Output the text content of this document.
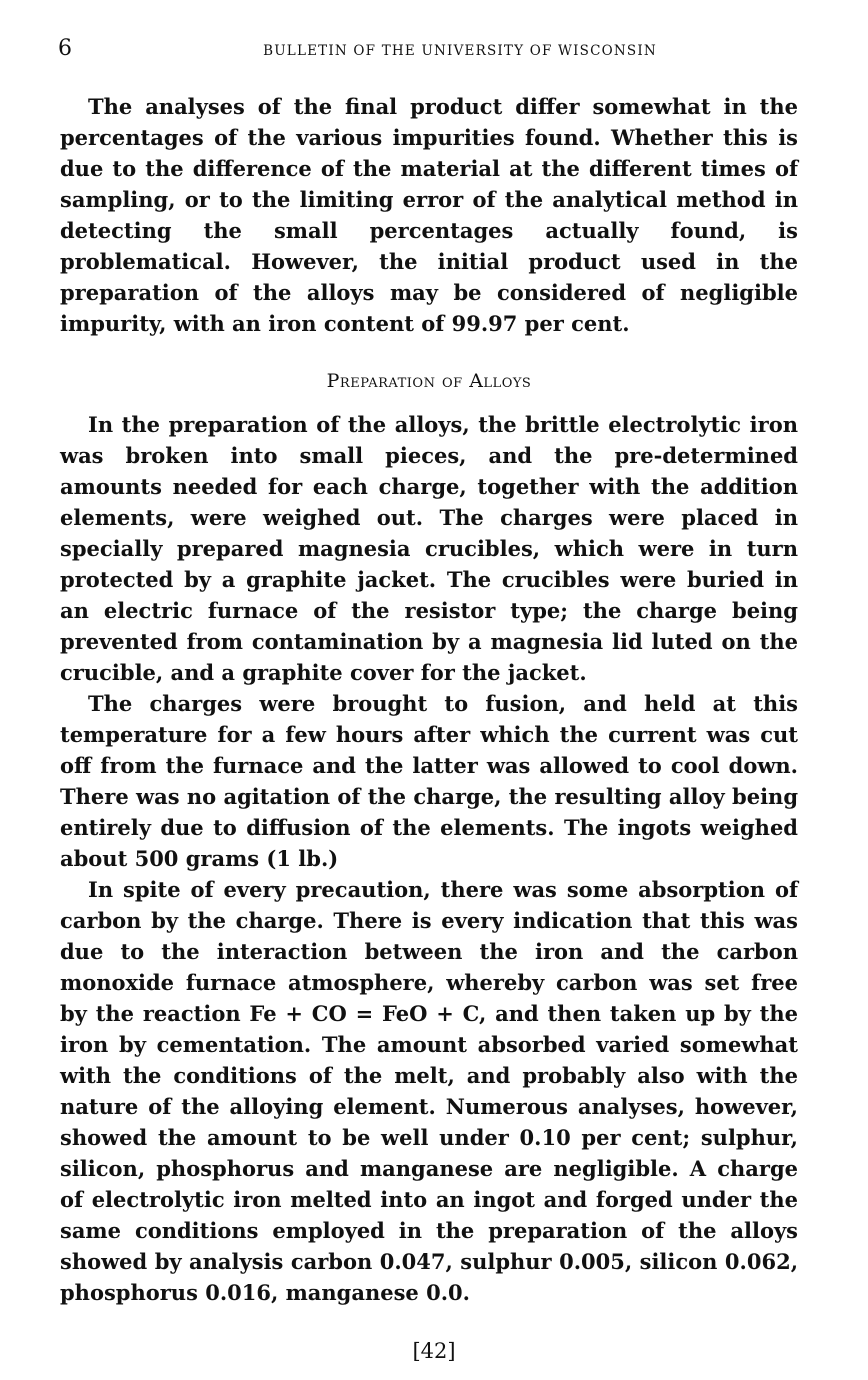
6	BULLETIN OF THE UNIVERSITY OF WISCONSIN

The analyses of the final product differ somewhat in the percentages of the various impurities found. Whether this is due to the difference of the material at the different times of sampling, or to the limiting error of the analytical method in detecting the small percentages actually found, is problematical. However, the initial product used in the preparation of the alloys may be considered of negligible impurity, with an iron content of 99.97 per cent.

Preparation of Alloys

In the preparation of the alloys, the brittle electrolytic iron was broken into small pieces, and the pre-determined amounts needed for each charge, together with the addition elements, were weighed out. The charges were placed in specially prepared magnesia crucibles, which were in turn protected by a graphite jacket. The crucibles were buried in an electric furnace of the resistor type; the charge being prevented from contamination by a magnesia lid luted on the crucible, and a graphite cover for the jacket.

The charges were brought to fusion, and held at this temperature for a few hours after which the current was cut off from the furnace and the latter was allowed to cool down. There was no agitation of the charge, the resulting alloy being entirely due to diffusion of the elements. The ingots weighed about 500 grams (1 lb.)

In spite of every precaution, there was some absorption of carbon by the charge. There is every indication that this was due to the interaction between the iron and the carbon monoxide furnace atmosphere, whereby carbon was set free by the reaction Fe + CO = FeO + C, and then taken up by the iron by cementation. The amount absorbed varied somewhat with the conditions of the melt, and probably also with the nature of the alloying element. Numerous analyses, however, showed the amount to be well under 0.10 per cent; sulphur, silicon, phosphorus and manganese are negligible. A charge of electrolytic iron melted into an ingot and forged under the same conditions employed in the preparation of the alloys showed by analysis carbon 0.047, sulphur 0.005, silicon 0.062, phosphorus 0.016, manganese 0.0.

[42]
